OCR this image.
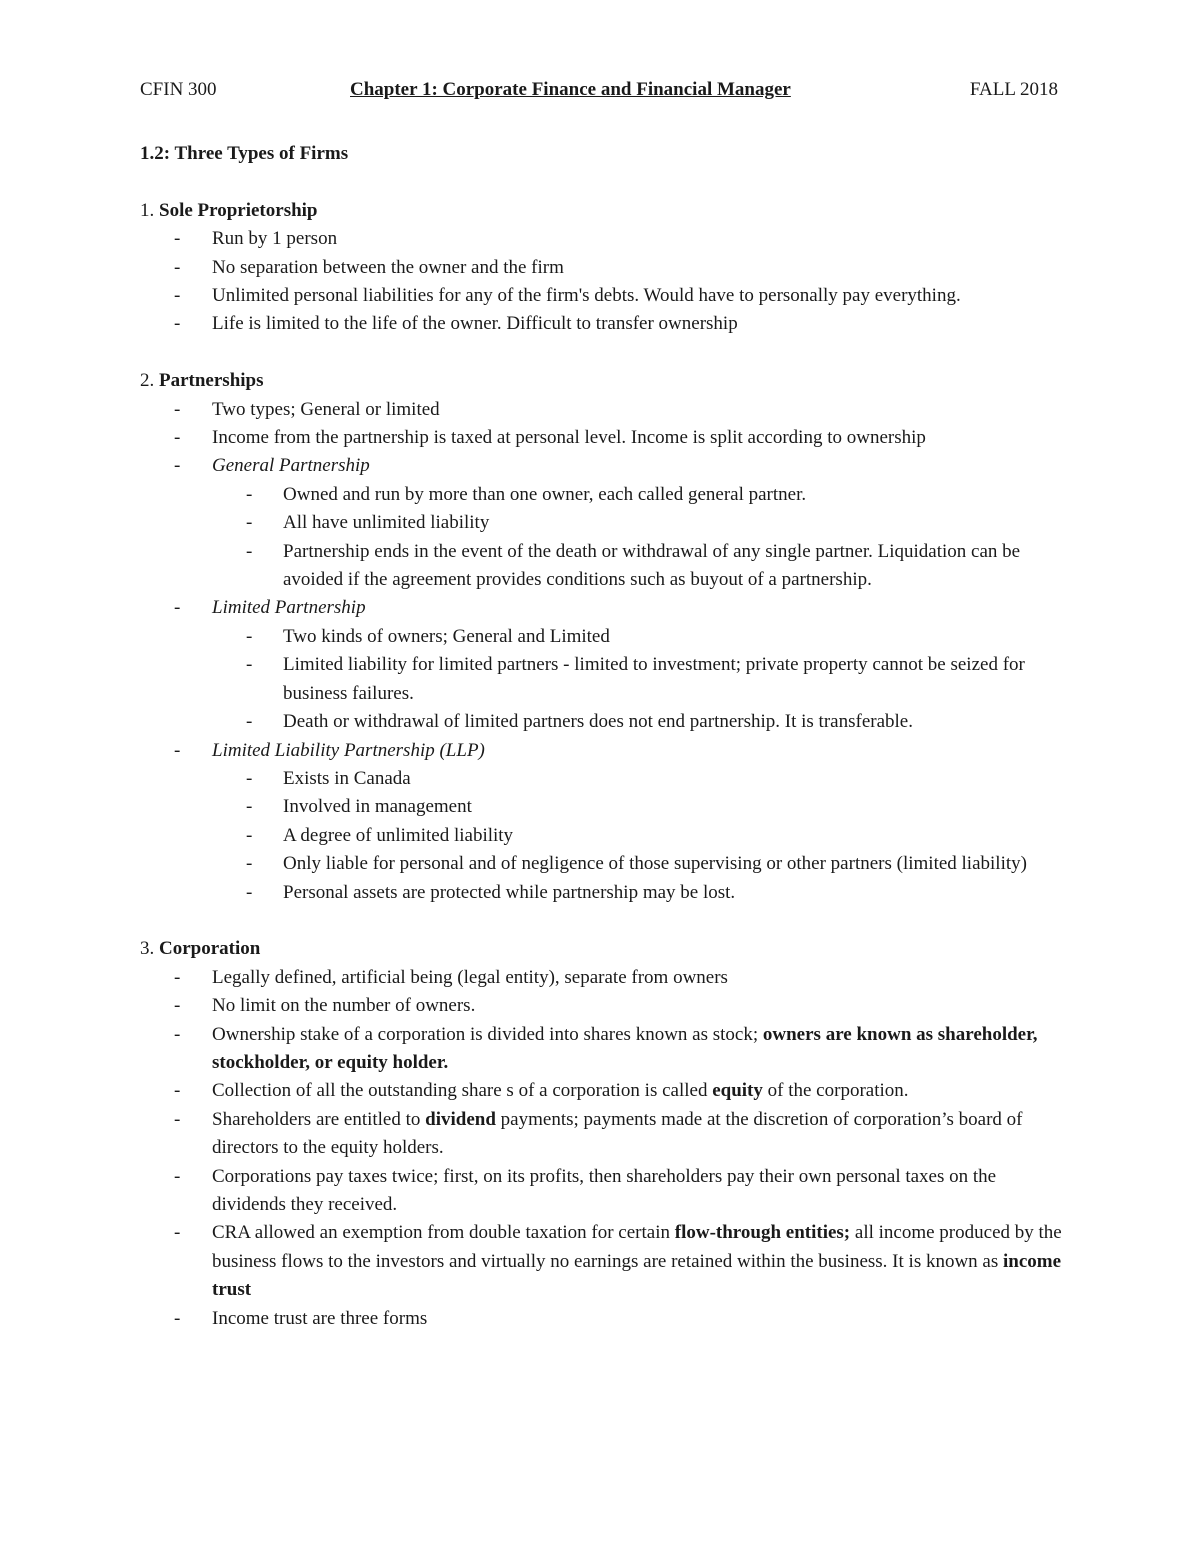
CFIN 300	Chapter 1: Corporate Finance and Financial Manager	FALL 2018
1.2: Three Types of Firms
1. Sole Proprietorship
- Run by 1 person
- No separation between the owner and the firm
- Unlimited personal liabilities for any of the firm's debts. Would have to personally pay everything.
- Life is limited to the life of the owner. Difficult to transfer ownership
2. Partnerships
- Two types; General or limited
- Income from the partnership is taxed at personal level. Income is split according to ownership
- General Partnership
- Owned and run by more than one owner, each called general partner.
- All have unlimited liability
- Partnership ends in the event of the death or withdrawal of any single partner. Liquidation can be avoided if the agreement provides conditions such as buyout of a partnership.
- Limited Partnership
- Two kinds of owners; General and Limited
- Limited liability for limited partners - limited to investment; private property cannot be seized for business failures.
- Death or withdrawal of limited partners does not end partnership. It is transferable.
- Limited Liability Partnership (LLP)
- Exists in Canada
- Involved in management
- A degree of unlimited liability
- Only liable for personal and of negligence of those supervising or other partners (limited liability)
- Personal assets are protected while partnership may be lost.
3. Corporation
- Legally defined, artificial being (legal entity), separate from owners
- No limit on the number of owners.
- Ownership stake of a corporation is divided into shares known as stock; owners are known as shareholder, stockholder, or equity holder.
- Collection of all the outstanding share s of a corporation is called equity of the corporation.
- Shareholders are entitled to dividend payments; payments made at the discretion of corporation’s board of directors to the equity holders.
- Corporations pay taxes twice; first, on its profits, then shareholders pay their own personal taxes on the dividends they received.
- CRA allowed an exemption from double taxation for certain flow-through entities; all income produced by the business flows to the investors and virtually no earnings are retained within the business. It is known as income trust
- Income trust are three forms
